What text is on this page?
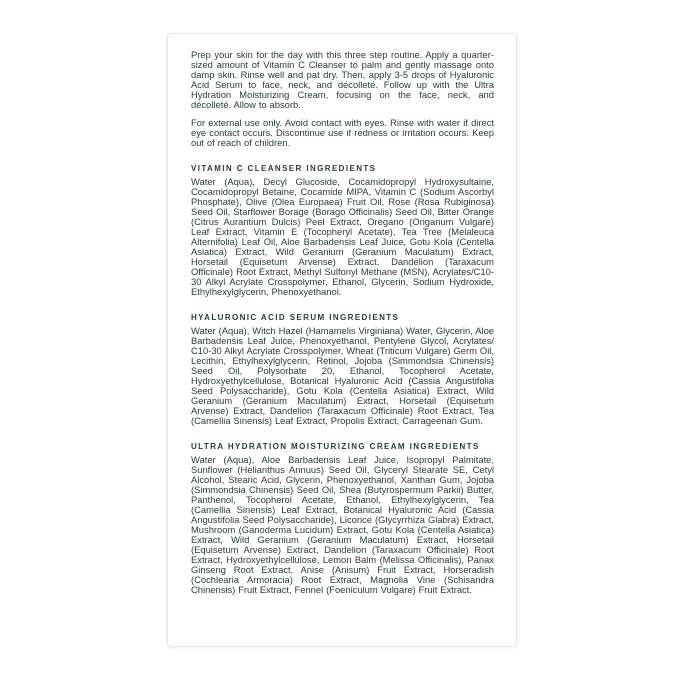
Prep your skin for the day with this three step routine. Apply a quarter-sized amount of Vitamin C Cleanser to palm and gently massage onto damp skin. Rinse well and pat dry. Then, apply 3-5 drops of Hyaluronic Acid Serum to face, neck, and décolleté. Follow up with the Ultra Hydration Moisturizing Cream, focusing on the face, neck, and décolleté. Allow to absorb.

For external use only. Avoid contact with eyes. Rinse with water if direct eye contact occurs. Discontinue use if redness or irritation occurs. Keep out of reach of children.

VITAMIN C CLEANSER INGREDIENTS

Water (Aqua), Decyl Glucoside, Cocamidopropyl Hydroxysultaine, Cocamidopropyl Betaine, Cocamide MIPA, Vitamin C (Sodium Ascorbyl Phosphate), Olive (Olea Europaea) Fruit Oil, Rose (Rosa Rubiginosa) Seed Oil, Starflower Borage (Borago Officinalis) Seed Oil, Bitter Orange (Citrus Aurantium Dulcis) Peel Extract, Oregano (Origanum Vulgare) Leaf Extract, Vitamin E (Tocopheryl Acetate), Tea Tree (Melaleuca Alternifolia) Leaf Oil, Aloe Barbadensis Leaf Juice, Gotu Kola (Centella Asiatica) Extract, Wild Geranium (Geranium Maculatum) Extract, Horsetail (Equisetum Arvense) Extract, Dandelion (Taraxacum Officinale) Root Extract, Methyl Sulfonyl Methane (MSN), Acrylates/C10-30 Alkyl Acrylate Crosspolymer, Ethanol, Glycerin, Sodium Hydroxide, Ethylhexylglycerin, Phenoxyethanol.

HYALURONIC ACID SERUM INGREDIENTS

Water (Aqua), Witch Hazel (Hamamelis Virginiana) Water, Glycerin, Aloe Barbadensis Leaf Juice, Phenoxyethanol, Pentylene Glycol, Acrylates/ C10-30 Alkyl Acrylate Crosspolymer, Wheat (Triticum Vulgare) Germ Oil, Lecithin, Ethylhexylglycerin, Retinol, Jojoba (Simmondsia Chinensis) Seed Oil, Polysorbate 20, Ethanol, Tocopherol Acetate, Hydroxyethylcellulose, Botanical Hyaluronic Acid (Cassia Angustifolia Seed Polysaccharide), Gotu Kola (Centella Asiatica) Extract, Wild Geranium (Geranium Maculatum) Extract, Horsetail (Equisetum Arvense) Extract, Dandelion (Taraxacum Officinale) Root Extract, Tea (Camellia Sinensis) Leaf Extract, Propolis Extract, Carrageenan Gum.

ULTRA HYDRATION MOISTURIZING CREAM INGREDIENTS

Water (Aqua), Aloe Barbadensis Leaf Juice, Isopropyl Palmitate, Sunflower (Helianthus Annuus) Seed Oil, Glyceryl Stearate SE, Cetyl Alcohol, Stearic Acid, Glycerin, Phenoxyethanol, Xanthan Gum, Jojoba (Simmondsia Chinensis) Seed Oil, Shea (Butyrospermum Parkii) Butter, Panthenol, Tocopherol Acetate, Ethanol, Ethylhexylglycerin, Tea (Camellia Sinensis) Leaf Extract, Botanical Hyaluronic Acid (Cassia Angustifolia Seed Polysaccharide), Licorice (Glycyrrhiza Glabra) Extract, Mushroom (Ganoderma Lucidum) Extract, Gotu Kola (Centella Asiatica) Extract, Wild Geranium (Geranium Maculatum) Extract, Horsetail (Equisetum Arvense) Extract, Dandelion (Taraxacum Officinale) Root Extract, Hydroxyethylcellulose, Lemon Balm (Melissa Officinalis), Panax Ginseng Root Extract, Anise (Anisum) Fruit Extract, Horseradish (Cochlearia Armoracia) Root Extract, Magnolia Vine (Schisandra Chinensis) Fruit Extract, Fennel (Foeniculum Vulgare) Fruit Extract.
